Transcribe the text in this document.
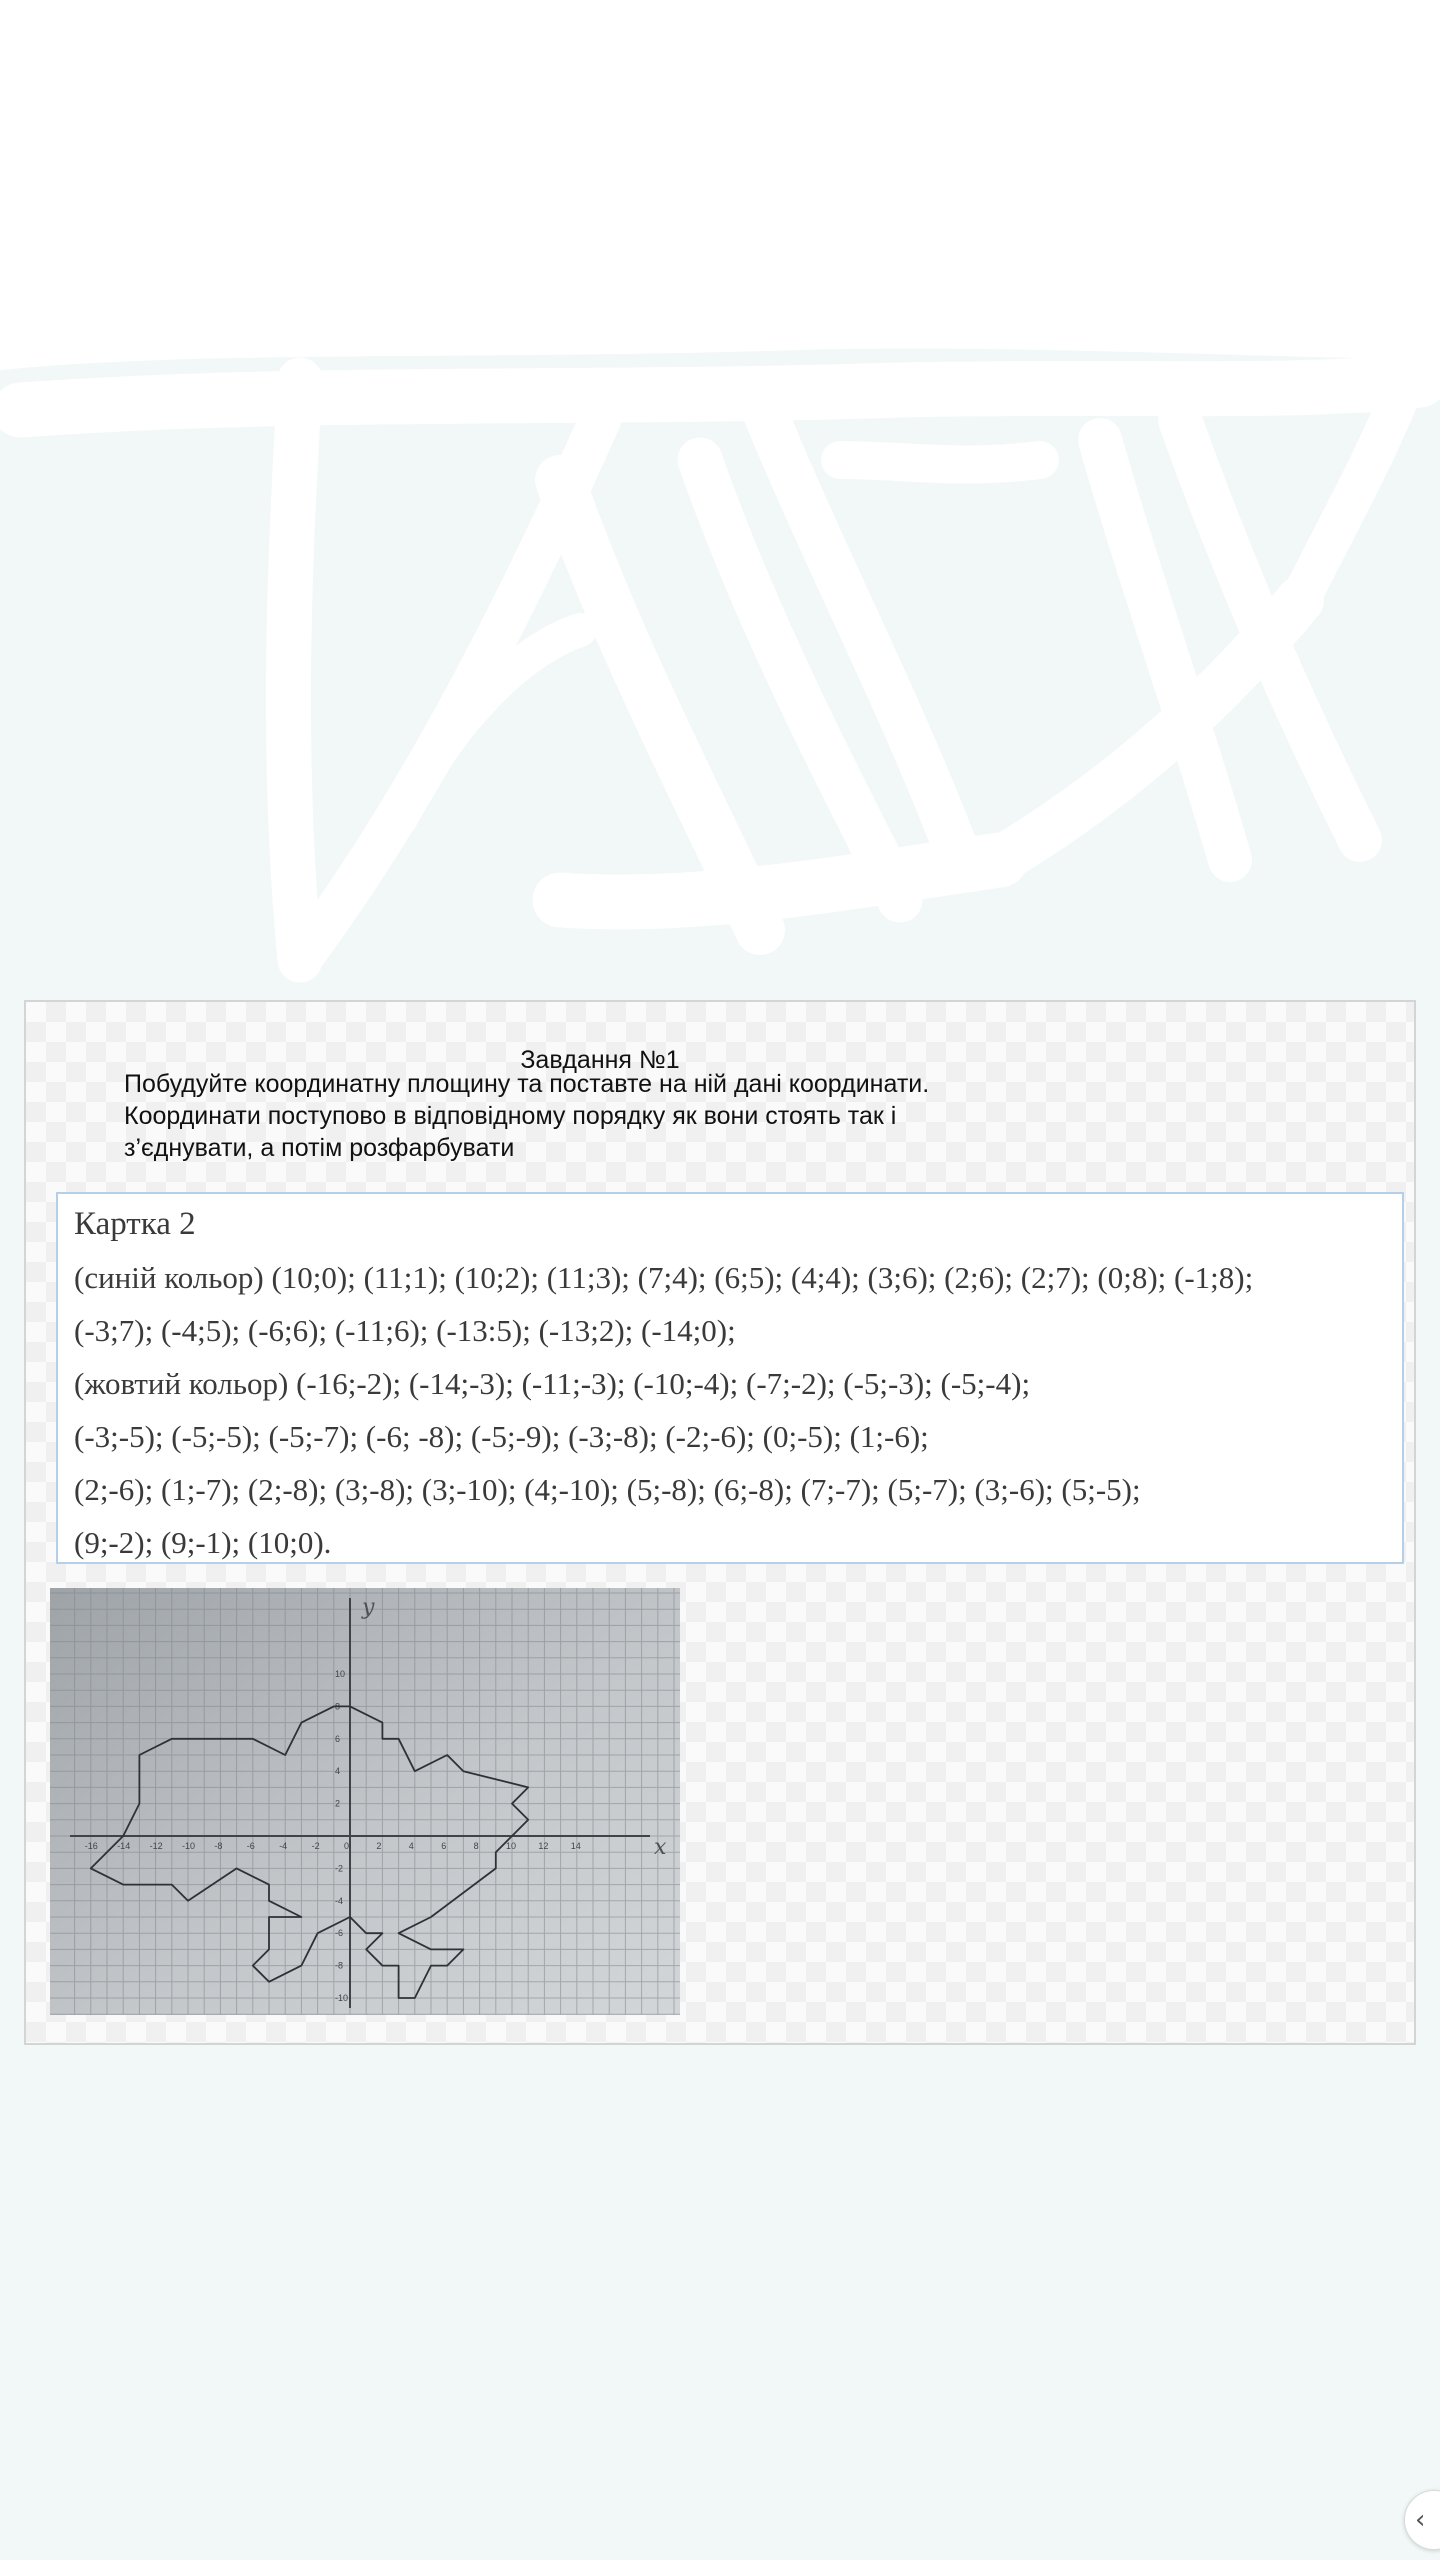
Завдання №1
Побудуйте координатну площину та поставте на ній дані координати.
Координати поступово в відповідному порядку як вони стоять так і
з’єднувати, а потім розфарбувати
Картка 2
(синій кольор) (10;0); (11;1); (10;2); (11;3); (7;4); (6;5); (4;4); (3;6); (2;6); (2;7); (0;8); (-1;8);
(-3;7); (-4;5); (-6;6); (-11;6); (-13:5); (-13;2); (-14;0);
(жовтий кольор) (-16;-2); (-14;-3); (-11;-3); (-10;-4); (-7;-2); (-5;-3); (-5;-4);
(-3;-5); (-5;-5); (-5;-7); (-6; -8); (-5;-9); (-3;-8); (-2;-6); (0;-5); (1;-6);
(2;-6); (1;-7); (2;-8); (3;-8); (3;-10); (4;-10); (5;-8); (6;-8); (7;-7); (5;-7); (3;-6); (5;-5);
(9;-2); (9;-1); (10;0).
-16 -14 -12 -10 -8	-6	-4	-2	0	2	4	6	8	10 12 14
10
8
6
4
2
-2
-4
-6
-8
-10
x
y
‹
